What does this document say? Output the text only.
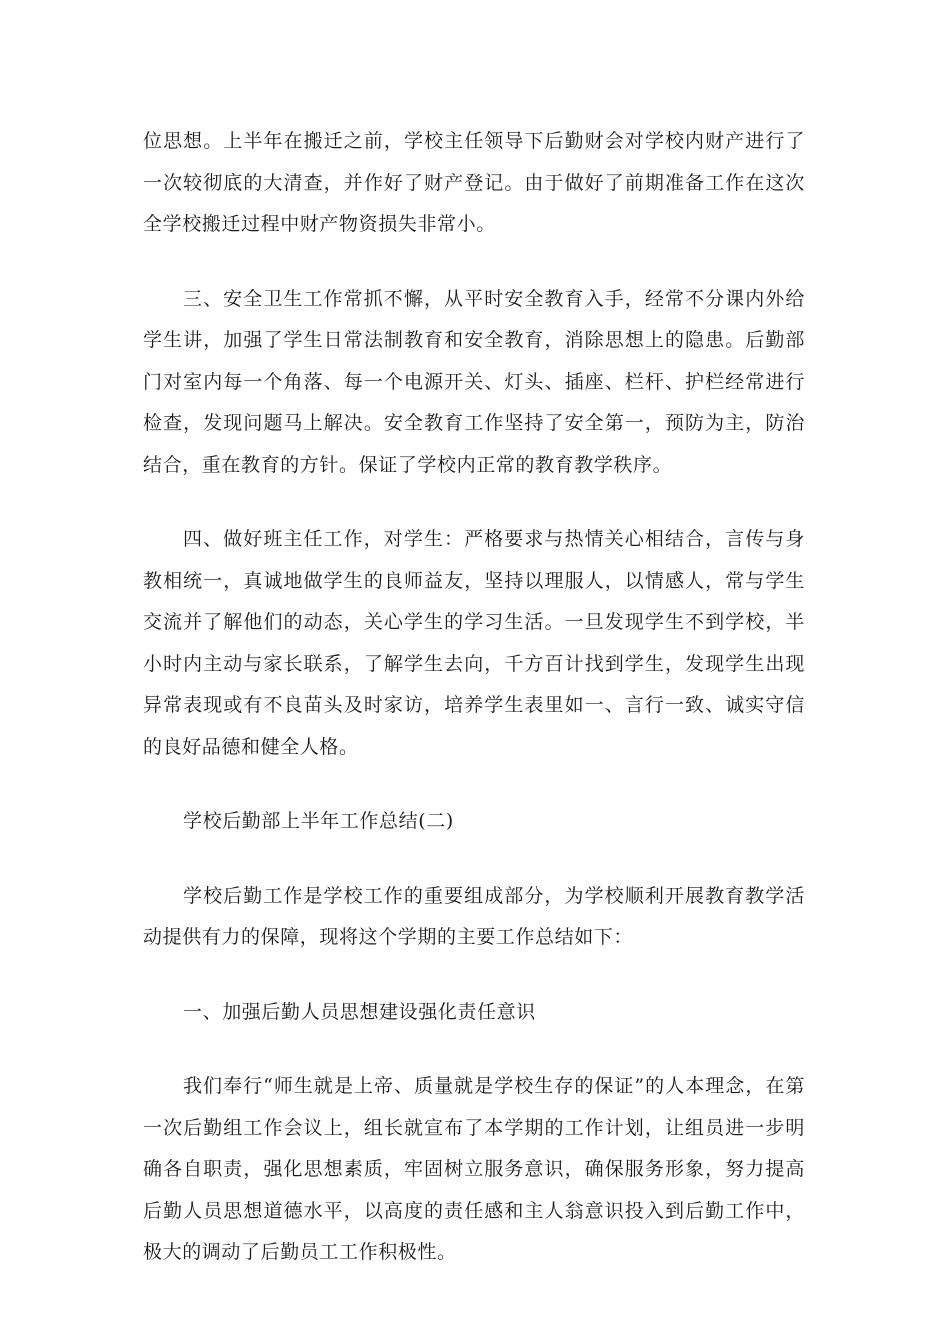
位思想。上半年在搬迁之前，学校主任领导下后勤财会对学校内财产进行了一次较彻底的大清查，并作好了财产登记。由于做好了前期准备工作在这次全学校搬迁过程中财产物资损失非常小。

三、安全卫生工作常抓不懈，从平时安全教育入手，经常不分课内外给学生讲，加强了学生日常法制教育和安全教育，消除思想上的隐患。后勤部门对室内每一个角落、每一个电源开关、灯头、插座、栏杆、护栏经常进行检查，发现问题马上解决。安全教育工作坚持了安全第一，预防为主，防治结合，重在教育的方针。保证了学校内正常的教育教学秩序。

四、做好班主任工作，对学生：严格要求与热情关心相结合，言传与身教相统一，真诚地做学生的良师益友，坚持以理服人，以情感人，常与学生交流并了解他们的动态，关心学生的学习生活。一旦发现学生不到学校，半小时内主动与家长联系，了解学生去向，千方百计找到学生，发现学生出现异常表现或有不良苗头及时家访，培养学生表里如一、言行一致、诚实守信的良好品德和健全人格。

学校后勤部上半年工作总结(二)

学校后勤工作是学校工作的重要组成部分，为学校顺利开展教育教学活动提供有力的保障，现将这个学期的主要工作总结如下：

一、加强后勤人员思想建设强化责任意识

我们奉行“师生就是上帝、质量就是学校生存的保证”的人本理念，在第一次后勤组工作会议上，组长就宣布了本学期的工作计划，让组员进一步明确各自职责，强化思想素质，牢固树立服务意识，确保服务形象，努力提高后勤人员思想道德水平，以高度的责任感和主人翁意识投入到后勤工作中，极大的调动了后勤员工工作积极性。
